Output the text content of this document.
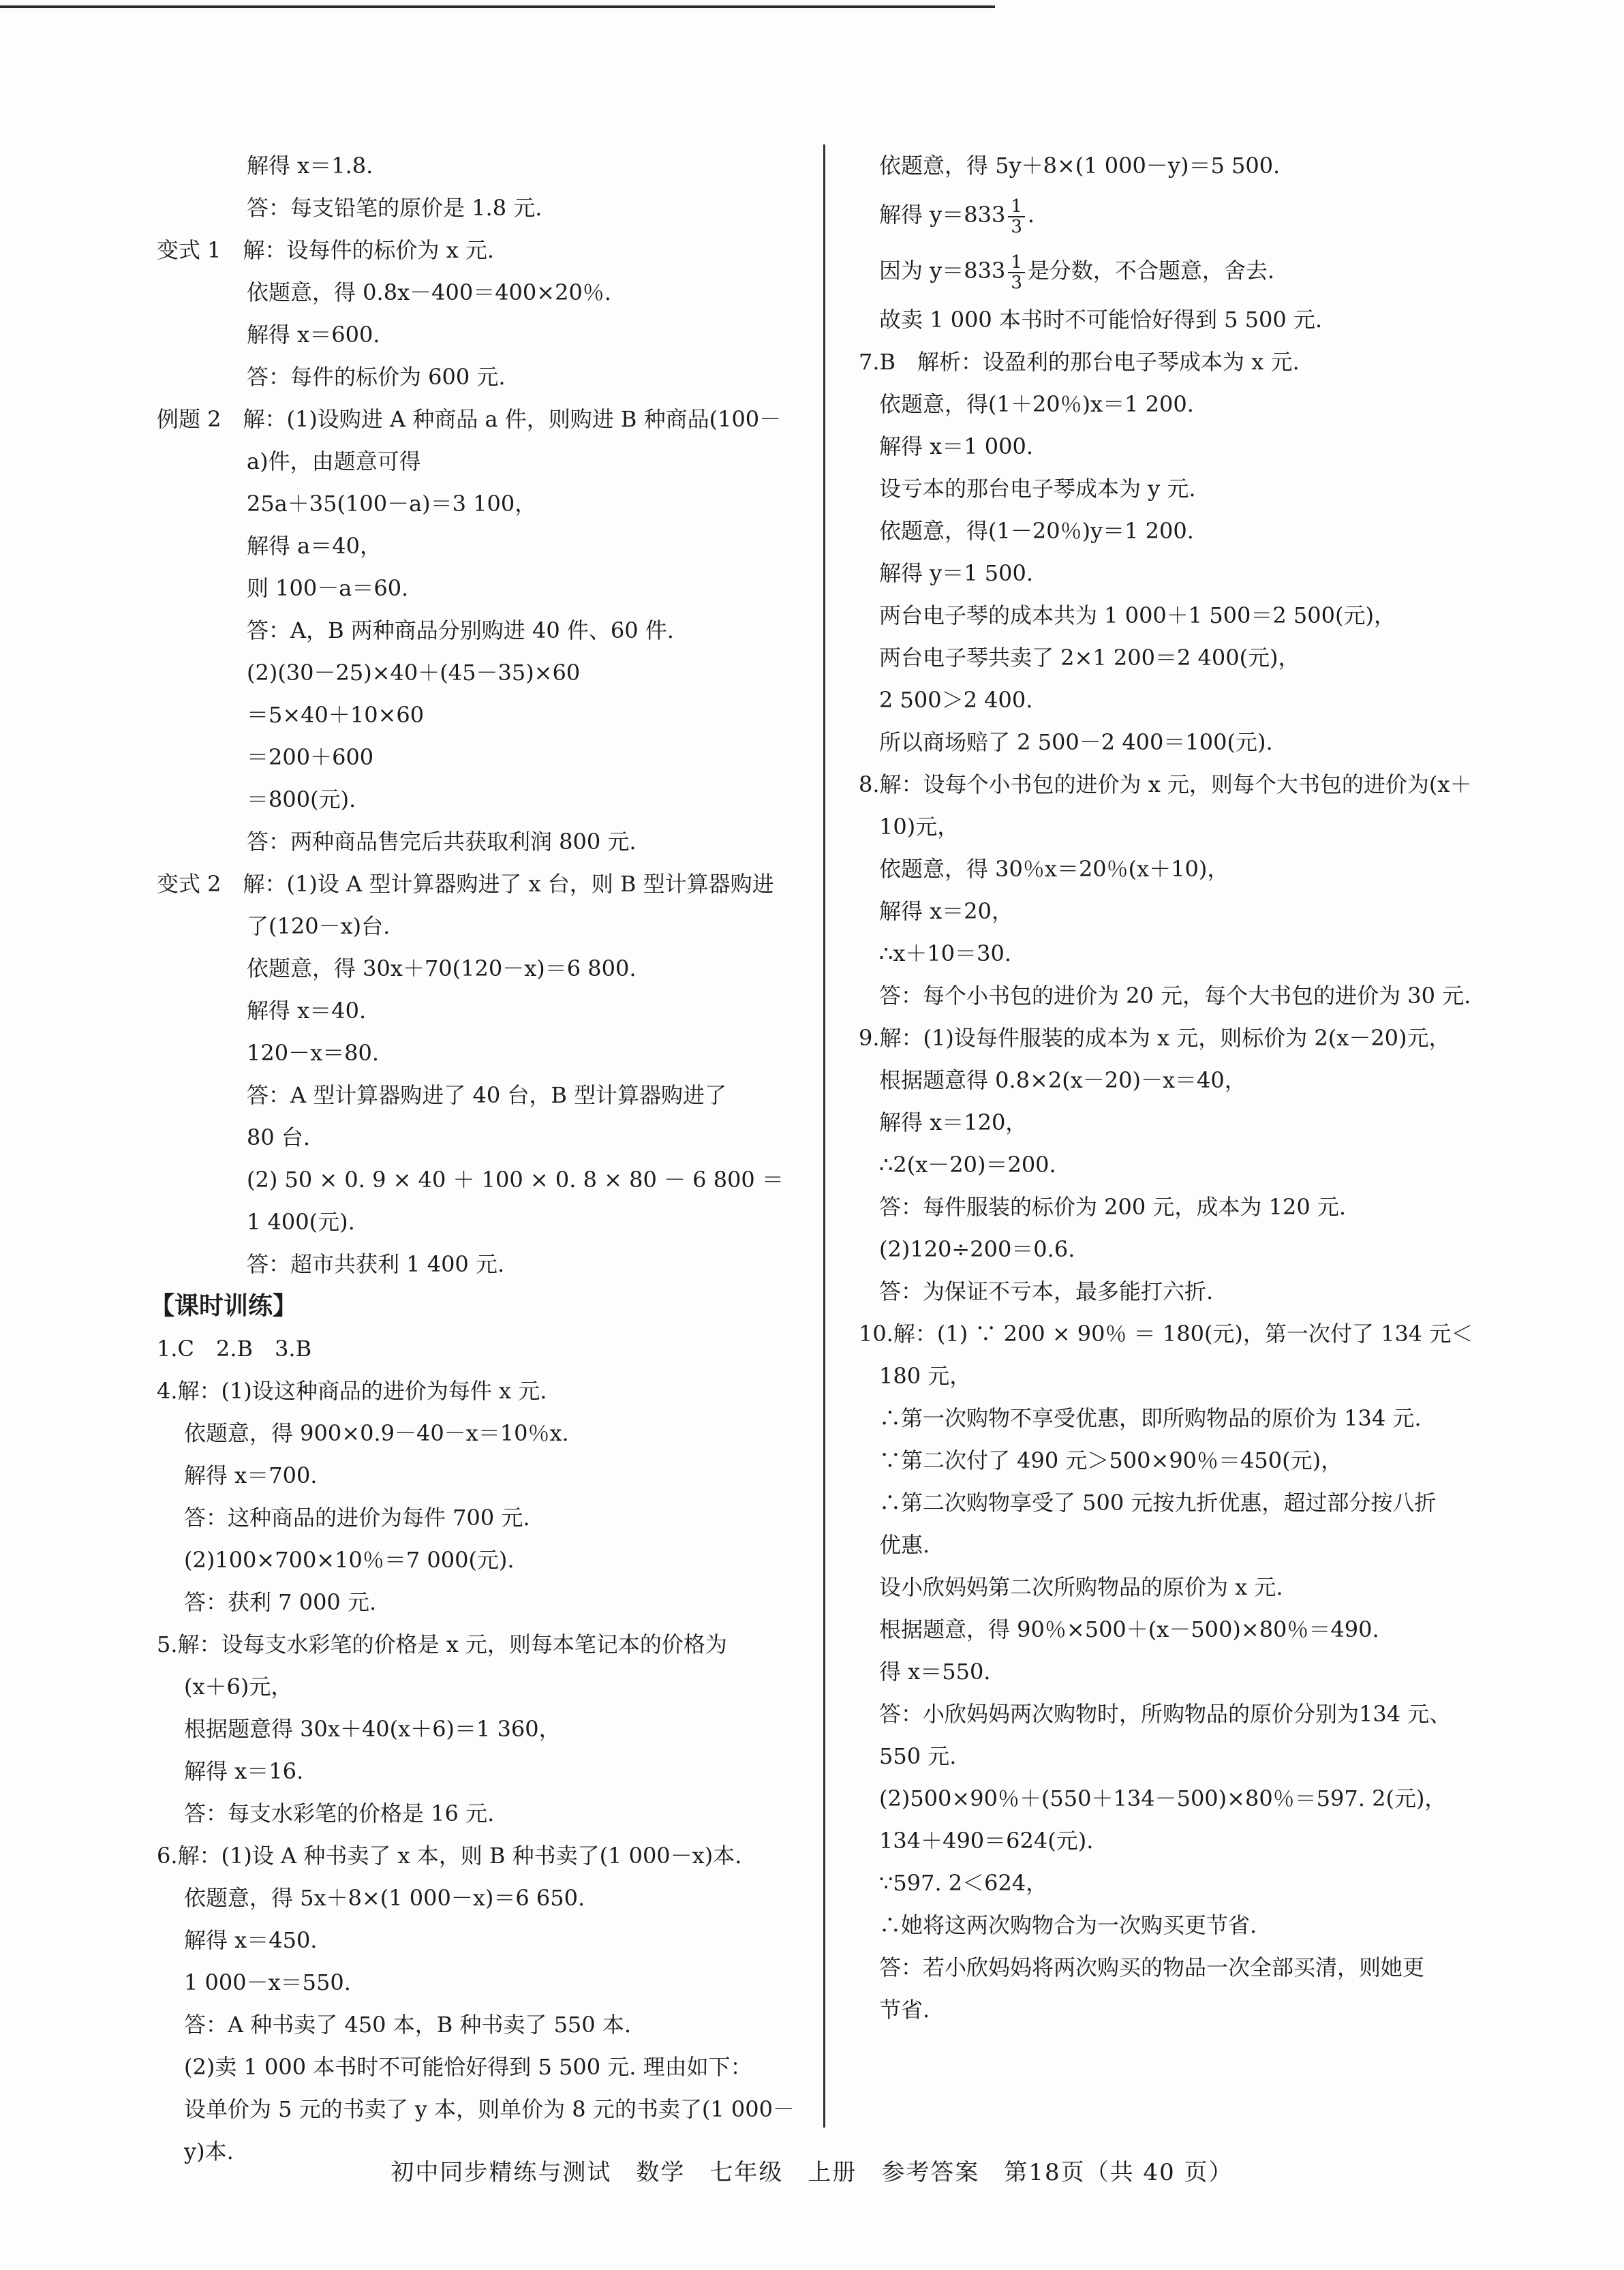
解得 x＝1.8.
答：每支铅笔的原价是 1.8 元.
变式 1　解：设每件的标价为 x 元.
依题意，得 0.8x－400＝400×20％.
解得 x＝600.
答：每件的标价为 600 元.
例题 2　解：(1)设购进 A 种商品 a 件，则购进 B 种商品(100－
a)件，由题意可得
25a＋35(100－a)＝3 100，
解得 a＝40，
则 100－a＝60.
答：A，B 两种商品分别购进 40 件、60 件.
(2)(30－25)×40＋(45－35)×60
＝5×40＋10×60
＝200＋600
＝800(元).
答：两种商品售完后共获取利润 800 元.
变式 2　解：(1)设 A 型计算器购进了 x 台，则 B 型计算器购进
了(120－x)台.
依题意，得 30x＋70(120－x)＝6 800.
解得 x＝40.
120－x＝80.
答：A 型计算器购进了 40 台，B 型计算器购进了
80 台.
(2) 50 × 0. 9 × 40 ＋ 100 × 0. 8 × 80 － 6 800 ＝
1 400(元).
答：超市共获利 1 400 元.
【课时训练】
1.C　2.B　3.B
4.解：(1)设这种商品的进价为每件 x 元.
依题意，得 900×0.9－40－x＝10％x.
解得 x＝700.
答：这种商品的进价为每件 700 元.
(2)100×700×10％＝7 000(元).
答：获利 7 000 元.
5.解：设每支水彩笔的价格是 x 元，则每本笔记本的价格为
(x＋6)元，
根据题意得 30x＋40(x＋6)＝1 360，
解得 x＝16.
答：每支水彩笔的价格是 16 元.
6.解：(1)设 A 种书卖了 x 本，则 B 种书卖了(1 000－x)本.
依题意，得 5x＋8×(1 000－x)＝6 650.
解得 x＝450.
1 000－x＝550.
答：A 种书卖了 450 本，B 种书卖了 550 本.
(2)卖 1 000 本书时不可能恰好得到 5 500 元. 理由如下：
设单价为 5 元的书卖了 y 本，则单价为 8 元的书卖了(1 000－
y)本.
依题意，得 5y＋8×(1 000－y)＝5 500.
解得 $y=833 \frac{1}{3}$ .
因为 $y=833 \frac{1}{3}$ 是分数，不合题意，舍去.
故卖 1 000 本书时不可能恰好得到 5 500 元.
7.B　解析：设盈利的那台电子琴成本为 x 元.
依题意，得(1＋20％)x＝1 200.
解得 x＝1 000.
设亏本的那台电子琴成本为 y 元.
依题意，得(1－20％)y＝1 200.
解得 y＝1 500.
两台电子琴的成本共为 1 000＋1 500＝2 500(元)，
两台电子琴共卖了 2×1 200＝2 400(元)，
2 500＞2 400.
所以商场赔了 2 500－2 400＝100(元).
8.解：设每个小书包的进价为 x 元，则每个大书包的进价为(x＋
10)元，
依题意，得 30％x＝20％(x＋10)，
解得 x＝20，
∴x＋10＝30.
答：每个小书包的进价为 20 元，每个大书包的进价为 30 元.
9.解：(1)设每件服装的成本为 x 元，则标价为 2(x－20)元，
根据题意得 0.8×2(x－20)－x＝40，
解得 x＝120，
∴2(x－20)＝200.
答：每件服装的标价为 200 元，成本为 120 元.
(2)120÷200＝0.6.
答：为保证不亏本，最多能打六折.
10.解：(1) ∵ 200 × 90％ ＝ 180(元)，第一次付了 134 元＜
180 元，
∴第一次购物不享受优惠，即所购物品的原价为 134 元.
∵第二次付了 490 元＞500×90％＝450(元)，
∴第二次购物享受了 500 元按九折优惠，超过部分按八折
优惠.
设小欣妈妈第二次所购物品的原价为 x 元.
根据题意，得 90％×500＋(x－500)×80％＝490.
得 x＝550.
答：小欣妈妈两次购物时，所购物品的原价分别为134 元、
550 元.
(2)500×90％＋(550＋134－500)×80％＝597. 2(元)，
134＋490＝624(元).
∵597. 2＜624，
∴她将这两次购物合为一次购买更节省.
答：若小欣妈妈将两次购买的物品一次全部买清，则她更
节省.
初中同步精练与测试　数学　七年级　上册　参考答案　第18页（共 40 页）
